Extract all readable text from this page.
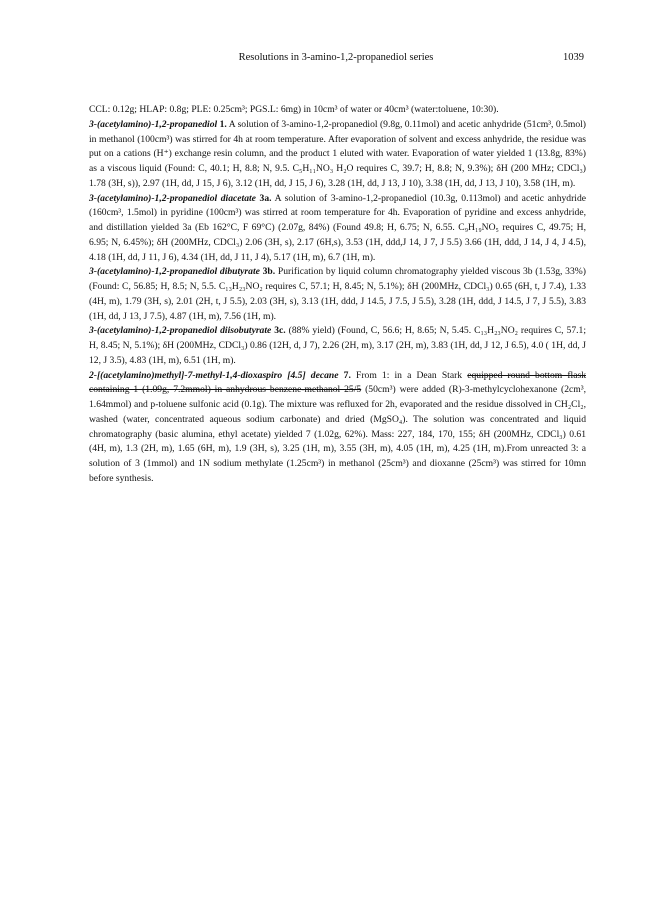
Resolutions in 3-amino-1,2-propanediol series	1039

CCL: 0.12g; HLAP: 0.8g; PLE: 0.25cm³; PGS.L: 6mg) in 10cm³ of water or 40cm³ (water:toluene, 10:30).

3-(acetylamino)-1,2-propanediol 1. A solution of 3-amino-1,2-propanediol (9.8g, 0.11mol) and acetic anhydride (51cm³, 0.5mol) in methanol (100cm³) was stirred for 4h at room temperature. After evaporation of solvent and excess anhydride, the residue was put on a cations (H⁺) exchange resin column, and the product 1 eluted with water. Evaporation of water yielded 1 (13.8g, 83%) as a viscous liquid (Found: C, 40.1; H, 8.8; N, 9.5. C₅H₁₁NO₃ H₂O requires C, 39.7; H, 8.8; N, 9.3%); δH (200 MHz; CDCl₃) 1.78 (3H, s)), 2.97 (1H, dd, J 15, J 6), 3.12 (1H, dd, J 15, J 6), 3.28 (1H, dd, J 13, J 10), 3.38 (1H, dd, J 13, J 10), 3.58 (1H, m).

3-(acetylamino)-1,2-propanediol diacetate 3a. A solution of 3-amino-1,2-propanediol (10.3g, 0.113mol) and acetic anhydride (160cm³, 1.5mol) in pyridine (100cm³) was stirred at room temperature for 4h. Evaporation of pyridine and excess anhydride, and distillation yielded 3a (Eb 162°C, F 69°C) (2.07g, 84%) (Found 49.8; H, 6.75; N, 6.55. C₉H₁₉NO₅ requires C, 49.75; H, 6.95; N, 6.45%); δH (200MHz, CDCl₃) 2.06 (3H, s), 2.17 (6H,s), 3.53 (1H, ddd,J 14, J 7, J 5.5) 3.66 (1H, ddd, J 14, J 4, J 4.5), 4.18 (1H, dd, J 11, J 6), 4.34 (1H, dd, J 11, J 4), 5.17 (1H, m), 6.7 (1H, m).

3-(acetylamino)-1,2-propanediol dibutyrate 3b. Purification by liquid column chromatography yielded viscous 3b (1.53g, 33%) (Found: C, 56.85; H, 8.5; N, 5.5. C₁₃H₂₃NO₂ requires C, 57.1; H, 8.45; N, 5.1%); δH (200MHz, CDCl₃) 0.65 (6H, t, J 7.4), 1.33 (4H, m), 1.79 (3H, s), 2.01 (2H, t, J 5.5), 2.03 (3H, s), 3.13 (1H, ddd, J 14.5, J 7.5, J 5.5), 3.28 (1H, ddd, J 14.5, J 7, J 5.5), 3.83 (1H, dd, J 13, J 7.5), 4.87 (1H, m), 7.56 (1H, m).

3-(acetylamino)-1,2-propanediol diisobutyrate 3c. (88% yield) (Found, C, 56.6; H, 8.65; N, 5.45. C₁₃H₂₃NO₂ requires C, 57.1; H, 8.45; N, 5.1%); δH (200MHz, CDCl₃) 0.86 (12H, d, J 7), 2.26 (2H, m), 3.17 (2H, m), 3.83 (1H, dd, J 12, J 6.5), 4.0 ( 1H, dd, J 12, J 3.5), 4.83 (1H, m), 6.51 (1H, m).

2-[(acetylamino)methyl]-7-methyl-1,4-dioxaspiro [4.5] decane 7. From 1: in a Dean Stark equipped round bottom flask containing 1 (1.09g, 7.2mmol) in anhydrous benzene-methanol 25/5 (50cm³) were added (R)-3-methylcyclohexanone (2cm³, 1.64mmol) and p-toluene sulfonic acid (0.1g). The mixture was refluxed for 2h, evaporated and the residue dissolved in CH₂Cl₂, washed (water, concentrated aqueous sodium carbonate) and dried (MgSO₄). The solution was concentrated and liquid chromatography (basic alumina, ethyl acetate) yielded 7 (1.02g, 62%). Mass: 227, 184, 170, 155; δH (200MHz, CDCl₃) 0.61 (4H, m), 1.3 (2H, m), 1.65 (6H, m), 1.9 (3H, s), 3.25 (1H, m), 3.55 (3H, m), 4.05 (1H, m), 4.25 (1H, m).From unreacted 3: a solution of 3 (1mmol) and 1N sodium methylate (1.25cm³) in methanol (25cm³) and dioxanne (25cm³) was stirred for 10mn before synthesis.
